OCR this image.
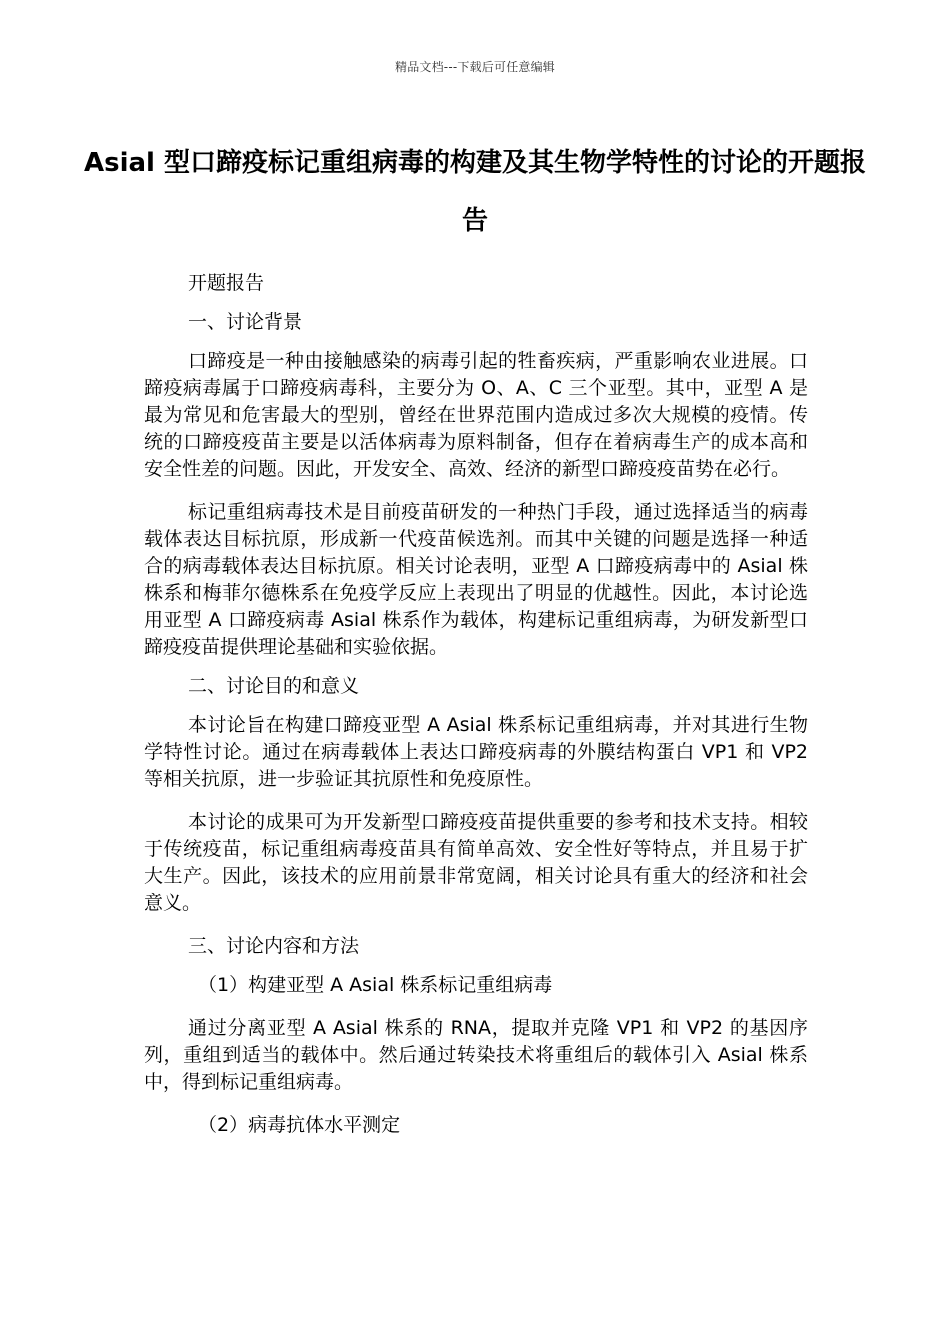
精品文档---下载后可任意编辑
Asial 型口蹄疫标记重组病毒的构建及其生物学特性的讨论的开题报告

开题报告

一、讨论背景

口蹄疫是一种由接触感染的病毒引起的牲畜疾病，严重影响农业进展。口蹄疫病毒属于口蹄疫病毒科，主要分为 O、A、C 三个亚型。其中，亚型 A 是最为常见和危害最大的型别，曾经在世界范围内造成过多次大规模的疫情。传统的口蹄疫疫苗主要是以活体病毒为原料制备，但存在着病毒生产的成本高和安全性差的问题。因此，开发安全、高效、经济的新型口蹄疫疫苗势在必行。

标记重组病毒技术是目前疫苗研发的一种热门手段，通过选择适当的病毒载体表达目标抗原，形成新一代疫苗候选剂。而其中关键的问题是选择一种适合的病毒载体表达目标抗原。相关讨论表明，亚型 A 口蹄疫病毒中的 Asial 株株系和梅菲尔德株系在免疫学反应上表现出了明显的优越性。因此，本讨论选用亚型 A 口蹄疫病毒 Asial 株系作为载体，构建标记重组病毒，为研发新型口蹄疫疫苗提供理论基础和实验依据。

二、讨论目的和意义

本讨论旨在构建口蹄疫亚型 A Asial 株系标记重组病毒，并对其进行生物学特性讨论。通过在病毒载体上表达口蹄疫病毒的外膜结构蛋白 VP1 和 VP2 等相关抗原，进一步验证其抗原性和免疫原性。

本讨论的成果可为开发新型口蹄疫疫苗提供重要的参考和技术支持。相较于传统疫苗，标记重组病毒疫苗具有简单高效、安全性好等特点，并且易于扩大生产。因此，该技术的应用前景非常宽阔，相关讨论具有重大的经济和社会意义。

三、讨论内容和方法

（1）构建亚型 A Asial 株系标记重组病毒

通过分离亚型 A Asial 株系的 RNA，提取并克隆 VP1 和 VP2 的基因序列，重组到适当的载体中。然后通过转染技术将重组后的载体引入 Asial 株系中，得到标记重组病毒。

（2）病毒抗体水平测定
